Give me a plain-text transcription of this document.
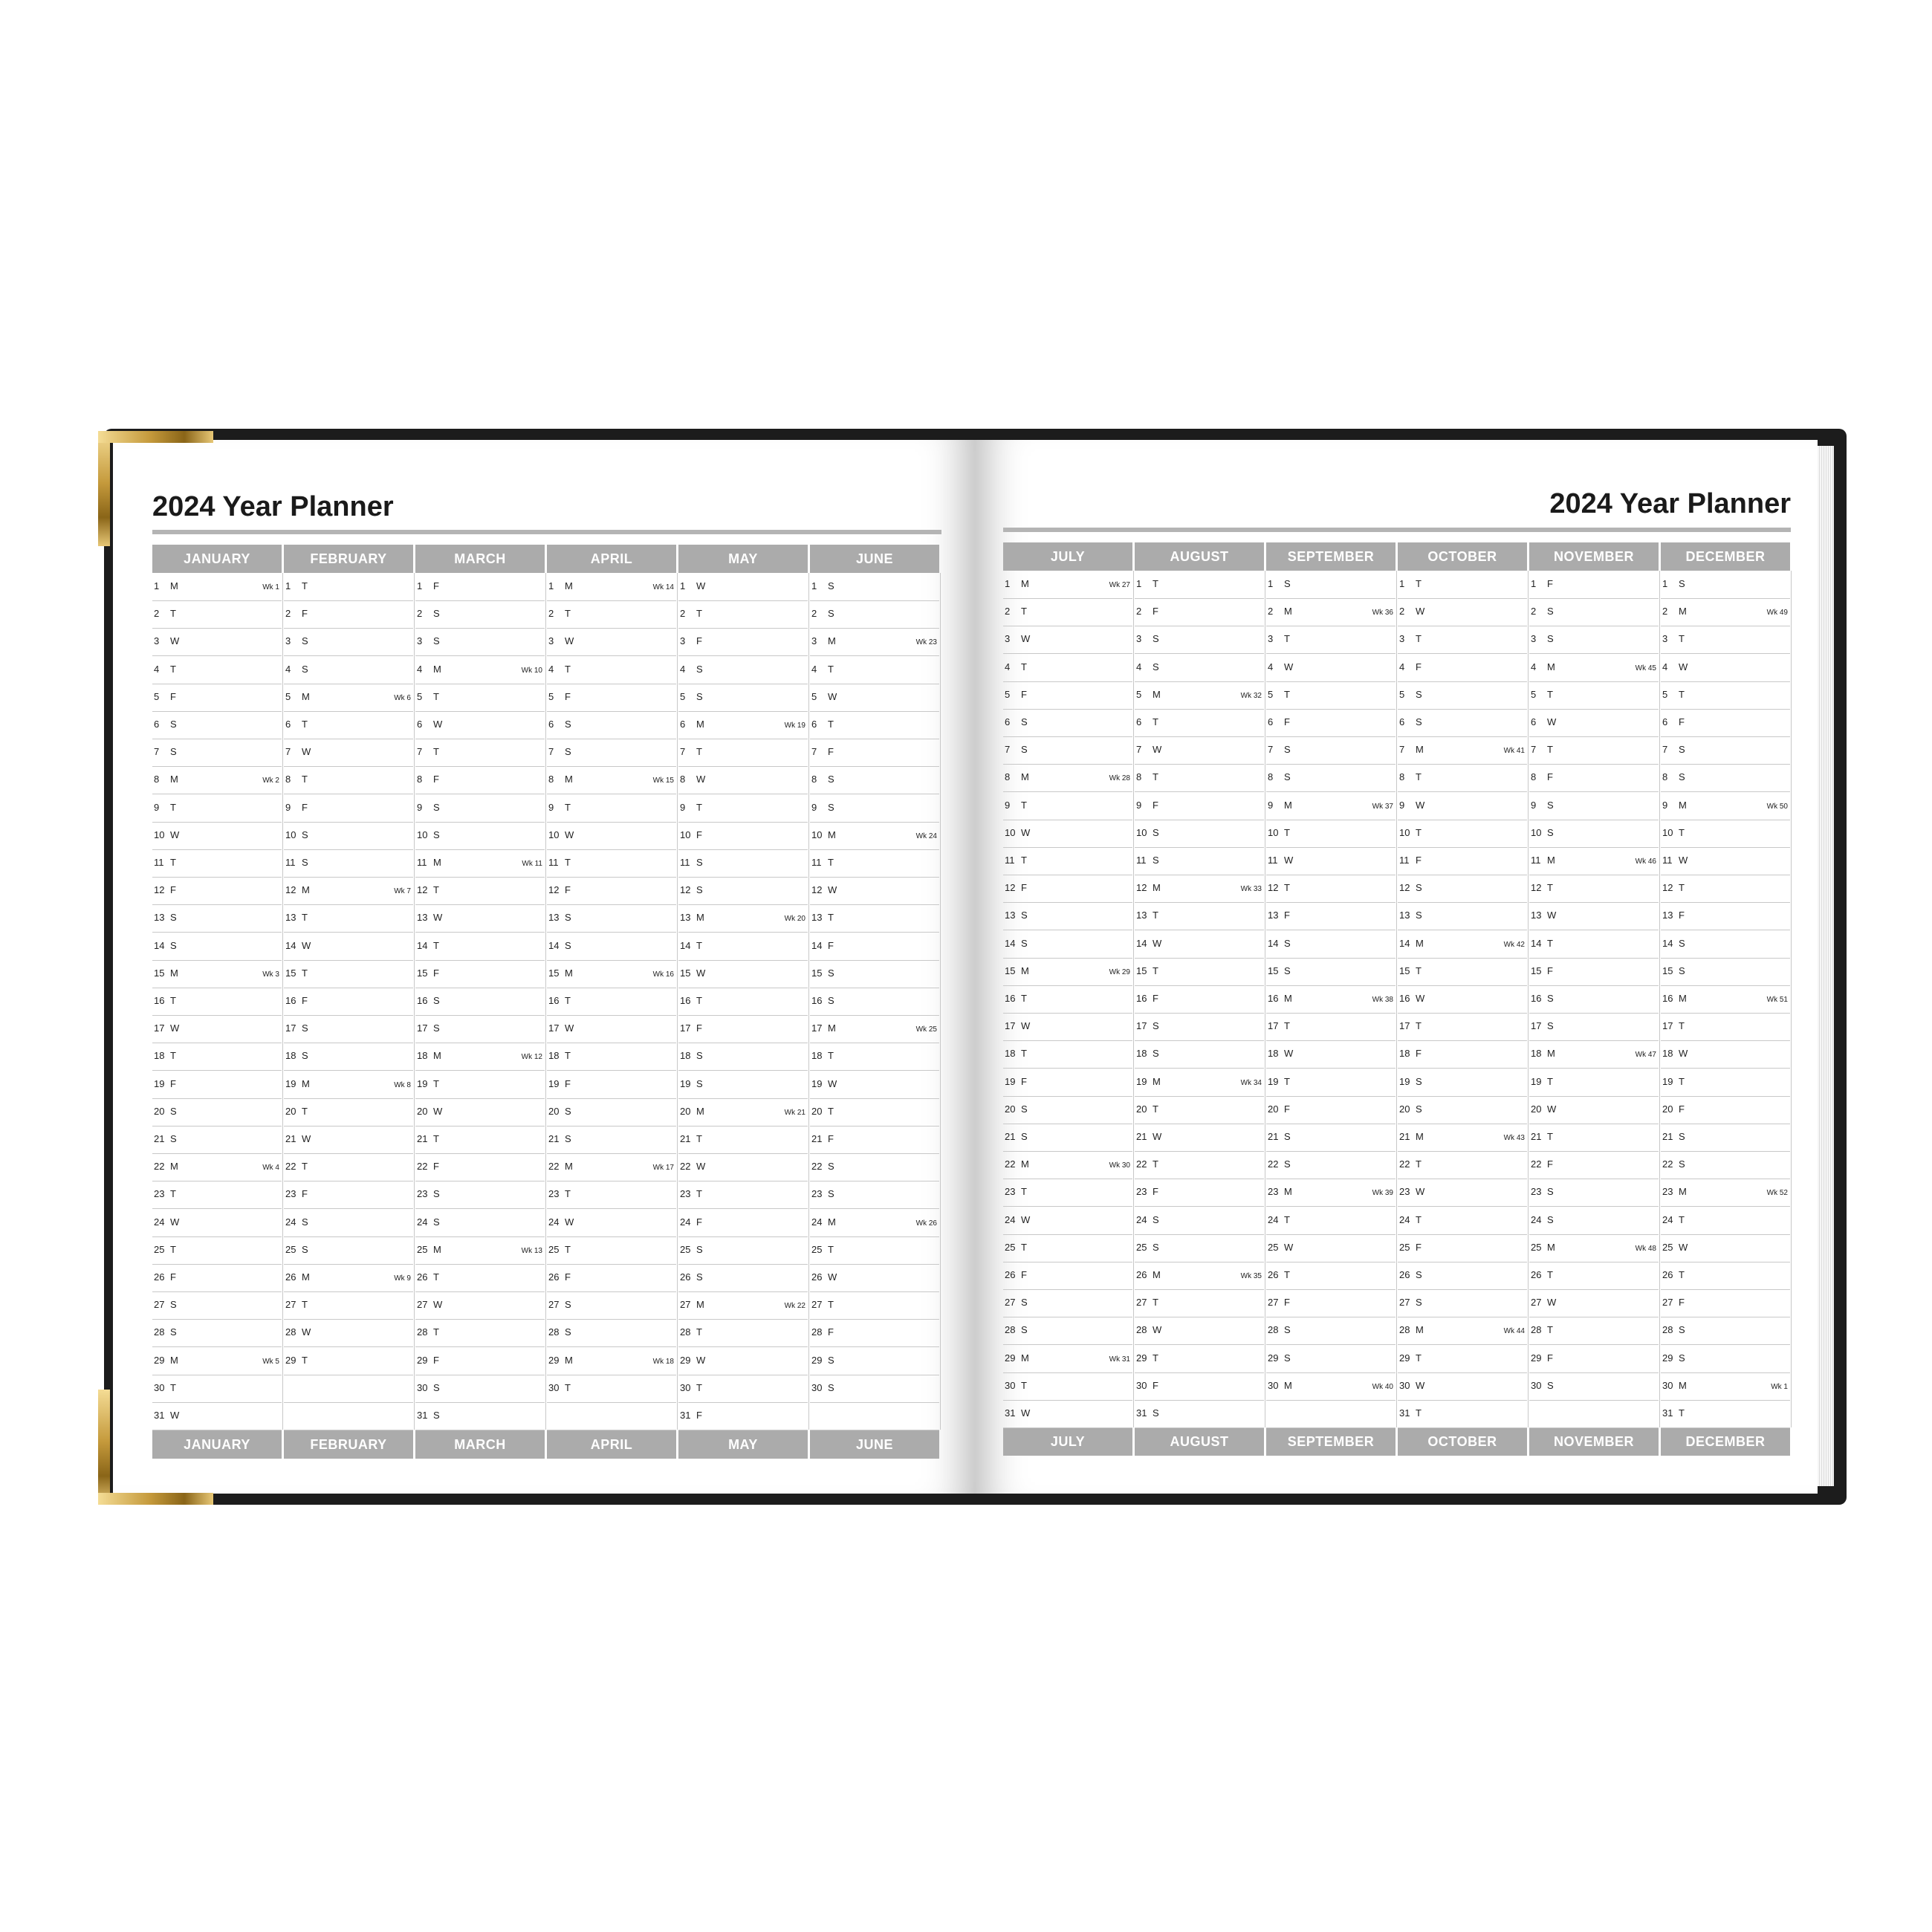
2024 Year Planner	2024 Year Planner
JANUARY
JANUARY
1 M	Wk 1
2 T
3 W
4 T
5 F
6 S
7 S
8 M	Wk 2
9 T
10 W
11 T
12 F
13 S
14 S
15 M	Wk 3
16 T
17 W
18 T
19 F
20 S
21 S
22 M	Wk 4
23 T
24 W
25 T
26 F
27 S
28 S
29 M	Wk 5
30 T
31 W
FEBRUARY
FEBRUARY
1 T
2 F
3 S
4 S
5 M	Wk 6
6 T
7 W
8 T
9 F
10 S
11 S
12 M	Wk 7
13 T
14 W
15 T
16 F
17 S
18 S
19 M	Wk 8
20 T
21 W
22 T
23 F
24 S
25 S
26 M	Wk 9
27 T
28 W
29 T
MARCH
MARCH
1 F
2 S
3 S
4 M	Wk 10
5 T
6 W
7 T
8 F
9 S
10 S
11 M	Wk 11
12 T
13 W
14 T
15 F
16 S
17 S
18 M	Wk 12
19 T
20 W
21 T
22 F
23 S
24 S
25 M	Wk 13
26 T
27 W
28 T
29 F
30 S
31 S
APRIL
APRIL
1 M	Wk 14
2 T
3 W
4 T
5 F
6 S
7 S
8 M	Wk 15
9 T
10 W
11 T
12 F
13 S
14 S
15 M	Wk 16
16 T
17 W
18 T
19 F
20 S
21 S
22 M	Wk 17
23 T
24 W
25 T
26 F
27 S
28 S
29 M	Wk 18
30 T
MAY
MAY
1 W
2 T
3 F
4 S
5 S
6 M	Wk 19
7 T
8 W
9 T
10 F
11 S
12 S
13 M	Wk 20
14 T
15 W
16 T
17 F
18 S
19 S
20 M	Wk 21
21 T
22 W
23 T
24 F
25 S
26 S
27 M	Wk 22
28 T
29 W
30 T
31 F
JUNE
JUNE
1 S
2 S
3 M	Wk 23
4 T
5 W
6 T
7 F
8 S
9 S
10 M	Wk 24
11 T
12 W
13 T
14 F
15 S
16 S
17 M	Wk 25
18 T
19 W
20 T
21 F
22 S
23 S
24 M	Wk 26
25 T
26 W
27 T
28 F
29 S
30 S
JULY
JULY
1 M	Wk 27
2 T
3 W
4 T
5 F
6 S
7 S
8 M	Wk 28
9 T
10 W
11 T
12 F
13 S
14 S
15 M	Wk 29
16 T
17 W
18 T
19 F
20 S
21 S
22 M	Wk 30
23 T
24 W
25 T
26 F
27 S
28 S
29 M	Wk 31
30 T
31 W
AUGUST
AUGUST
1 T
2 F
3 S
4 S
5 M	Wk 32
6 T
7 W
8 T
9 F
10 S
11 S
12 M	Wk 33
13 T
14 W
15 T
16 F
17 S
18 S
19 M	Wk 34
20 T
21 W
22 T
23 F
24 S
25 S
26 M	Wk 35
27 T
28 W
29 T
30 F
31 S
SEPTEMBER
SEPTEMBER
1 S
2 M	Wk 36
3 T
4 W
5 T
6 F
7 S
8 S
9 M	Wk 37
10 T
11 W
12 T
13 F
14 S
15 S
16 M	Wk 38
17 T
18 W
19 T
20 F
21 S
22 S
23 M	Wk 39
24 T
25 W
26 T
27 F
28 S
29 S
30 M	Wk 40
OCTOBER
OCTOBER
1 T
2 W
3 T
4 F
5 S
6 S
7 M	Wk 41
8 T
9 W
10 T
11 F
12 S
13 S
14 M	Wk 42
15 T
16 W
17 T
18 F
19 S
20 S
21 M	Wk 43
22 T
23 W
24 T
25 F
26 S
27 S
28 M	Wk 44
29 T
30 W
31 T
NOVEMBER
NOVEMBER
1 F
2 S
3 S
4 M	Wk 45
5 T
6 W
7 T
8 F
9 S
10 S
11 M	Wk 46
12 T
13 W
14 T
15 F
16 S
17 S
18 M	Wk 47
19 T
20 W
21 T
22 F
23 S
24 S
25 M	Wk 48
26 T
27 W
28 T
29 F
30 S
DECEMBER
DECEMBER
1 S
2 M	Wk 49
3 T
4 W
5 T
6 F
7 S
8 S
9 M	Wk 50
10 T
11 W
12 T
13 F
14 S
15 S
16 M	Wk 51
17 T
18 W
19 T
20 F
21 S
22 S
23 M	Wk 52
24 T
25 W
26 T
27 F
28 S
29 S
30 M	Wk 1
31 T
